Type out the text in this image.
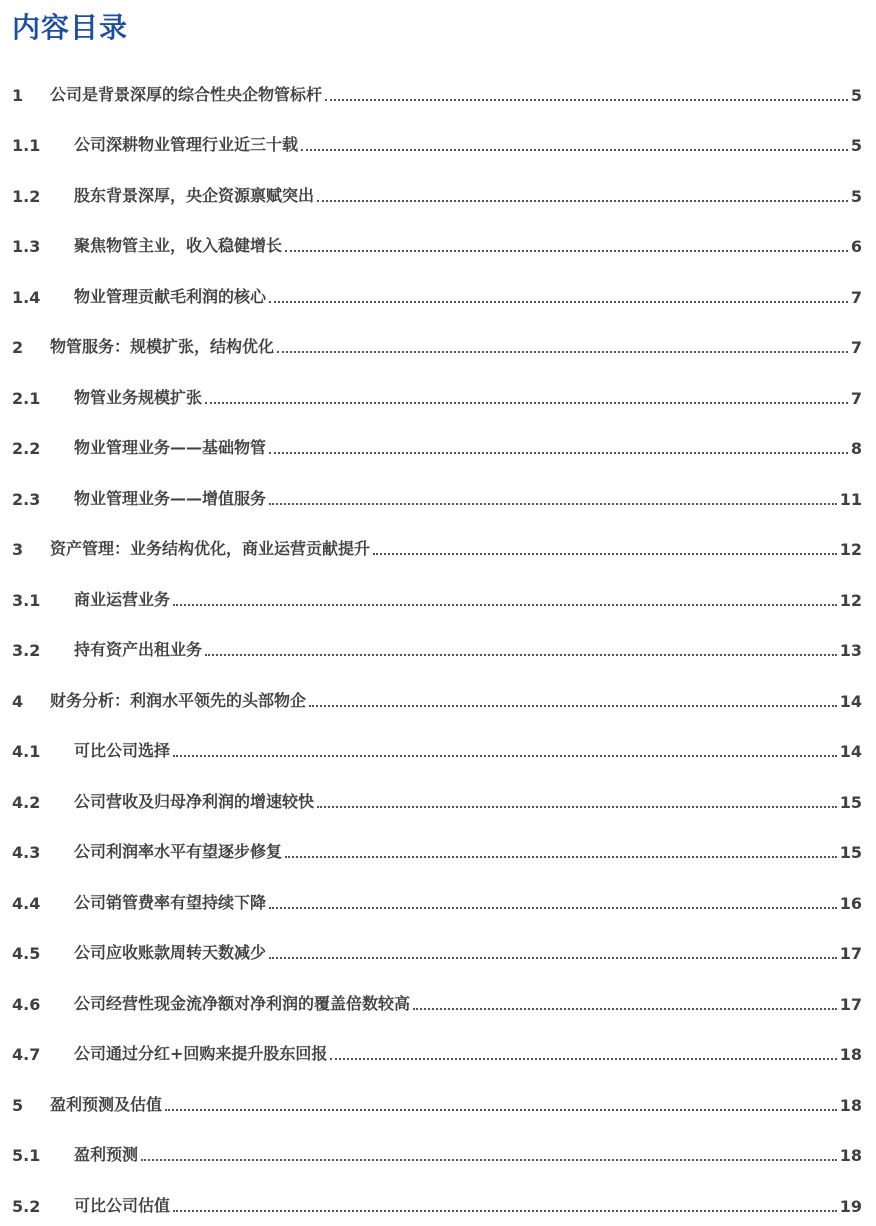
内容目录
1	公司是背景深厚的综合性央企物管标杆	5
1.1	公司深耕物业管理行业近三十载	5
1.2	股东背景深厚，央企资源禀赋突出	5
1.3	聚焦物管主业，收入稳健增长	6
1.4	物业管理贡献毛利润的核心	7
2	物管服务：规模扩张，结构优化	7
2.1	物管业务规模扩张	7
2.2	物业管理业务——基础物管	8
2.3	物业管理业务——增值服务	11
3	资产管理：业务结构优化，商业运营贡献提升	12
3.1	商业运营业务	12
3.2	持有资产出租业务	13
4	财务分析：利润水平领先的头部物企	14
4.1	可比公司选择	14
4.2	公司营收及归母净利润的增速较快	15
4.3	公司利润率水平有望逐步修复	15
4.4	公司销管费率有望持续下降	16
4.5	公司应收账款周转天数减少	17
4.6	公司经营性现金流净额对净利润的覆盖倍数较高	17
4.7	公司通过分红+回购来提升股东回报	18
5	盈利预测及估值	18
5.1	盈利预测	18
5.2	可比公司估值	19
